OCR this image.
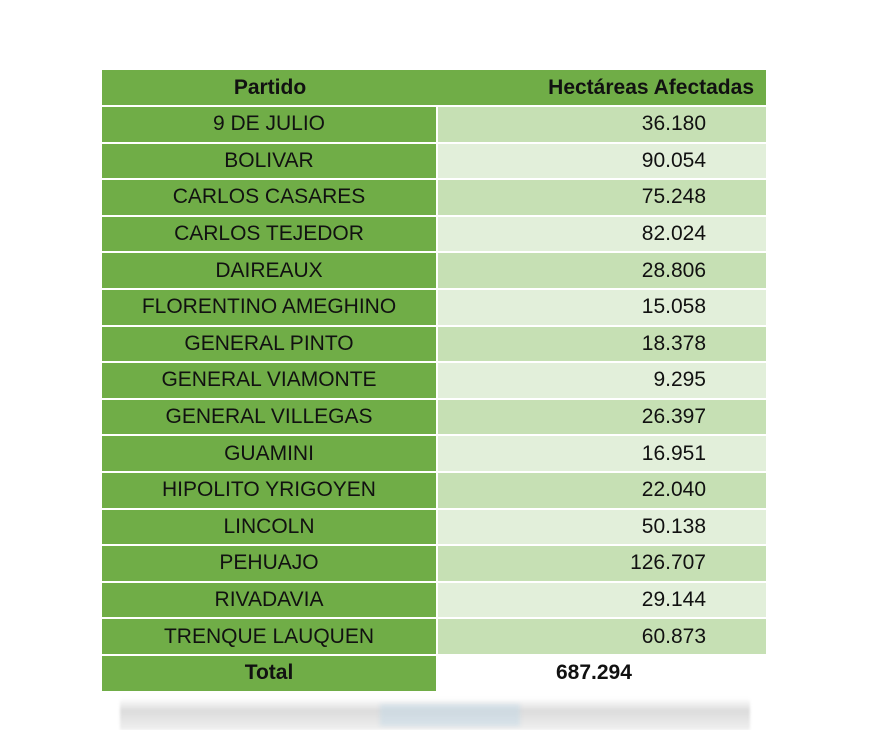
Partido	Hectáreas Afectadas
9 DE JULIO	36.180
BOLIVAR	90.054
CARLOS CASARES	75.248
CARLOS TEJEDOR	82.024
DAIREAUX	28.806
FLORENTINO AMEGHINO	15.058
GENERAL PINTO	18.378
GENERAL VIAMONTE	9.295
GENERAL VILLEGAS	26.397
GUAMINI	16.951
HIPOLITO YRIGOYEN	22.040
LINCOLN	50.138
PEHUAJO	126.707
RIVADAVIA	29.144
TRENQUE LAUQUEN	60.873
Total	687.294
